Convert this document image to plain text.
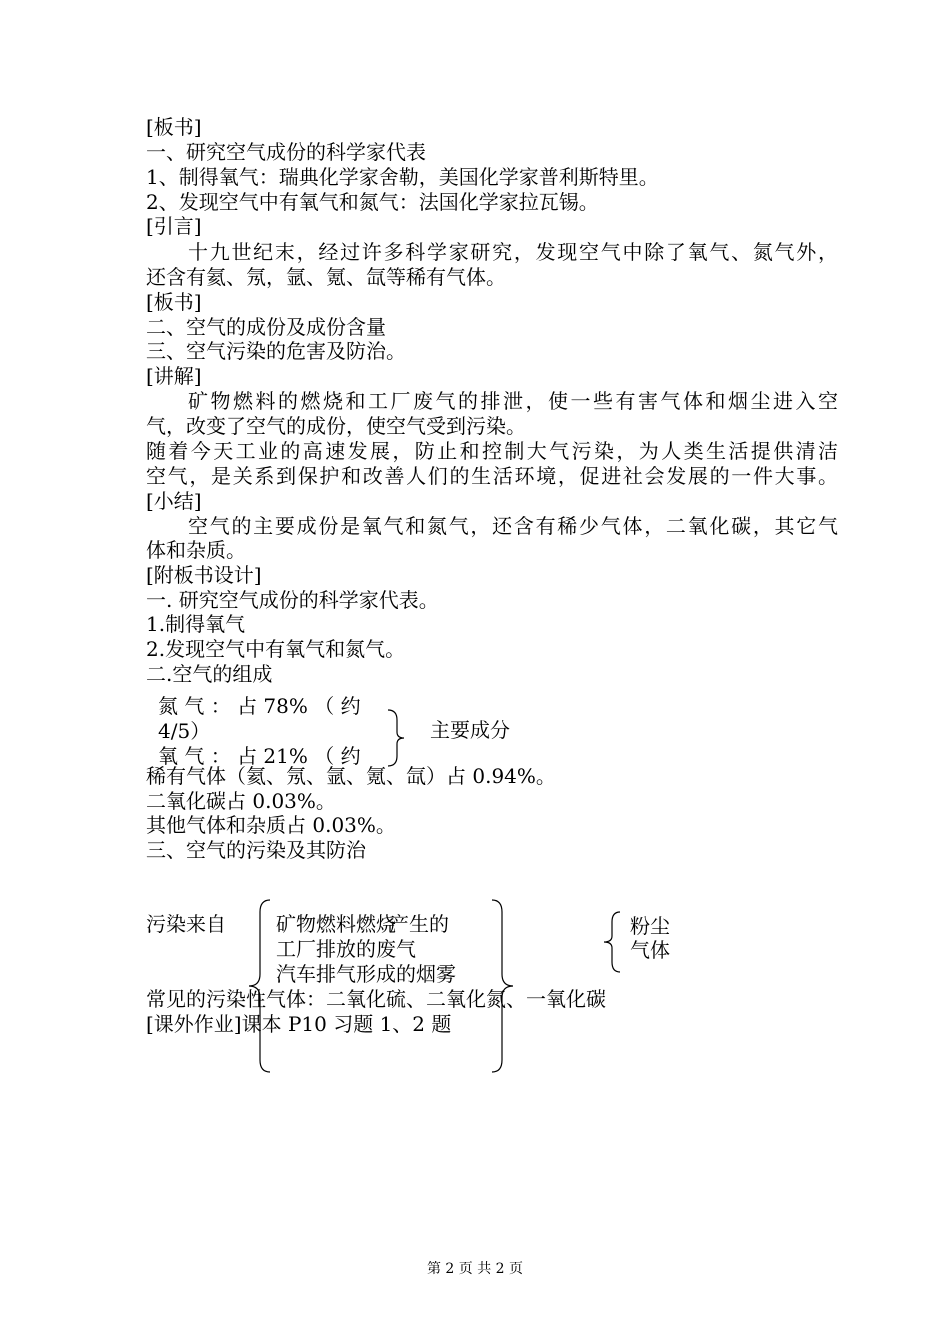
[板书]
一、研究空气成份的科学家代表
1、制得氧气：瑞典化学家舍勒，美国化学家普利斯特里。
2、发现空气中有氧气和氮气：法国化学家拉瓦锡。
[引言]
十九世纪末，经过许多科学家研究，发现空气中除了氧气、氮气外，
还含有氦、氖，氩、氪、氙等稀有气体。
[板书]
二、空气的成份及成份含量
三、空气污染的危害及防治。
[讲解]
矿物燃料的燃烧和工厂废气的排泄，使一些有害气体和烟尘进入空
气，改变了空气的成份，使空气受到污染。
随着今天工业的高速发展，防止和控制大气污染，为人类生活提供清洁
空气，是关系到保护和改善人们的生活环境，促进社会发展的一件大事。
[小结]
空气的主要成份是氧气和氮气，还含有稀少气体，二氧化碳，其它气
体和杂质。
[附板书设计]
一. 研究空气成份的科学家代表。
1.制得氧气
2.发现空气中有氧气和氮气。
二.空气的组成
氮 气 ： 占 78% （ 约
4/5）	主要成分
氧 气 ： 占 21% （ 约
稀有气体（氦、氖、氩、氪、氙）占 0.94%。
二氧化碳占 0.03%。
其他气体和杂质占 0.03%。
三、空气的污染及其防治
污染来自	矿物燃料燃烧
产生的
工厂排放的废气
汽车排气形成的烟雾
粉尘
气体
常见的污染性气体：二氧化硫、二氧化氮、一氧化碳
[课外作业]课本 P10 习题 1、2 题
第 2 页 共 2 页
